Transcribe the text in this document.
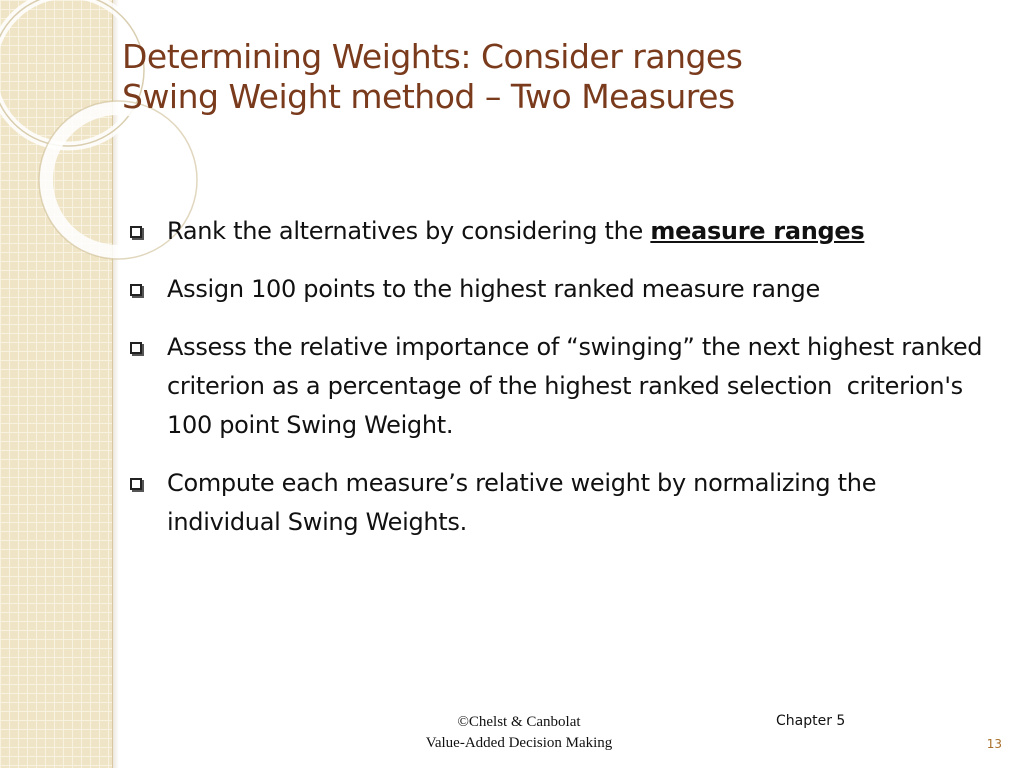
Determining Weights: Consider ranges
Swing Weight method – Two Measures
Rank the alternatives by considering the measure ranges
Assign 100 points to the highest ranked measure range
Assess the relative importance of “swinging” the next highest ranked criterion as a percentage of the highest ranked selection  criterion's 100 point Swing Weight.
Compute each measure’s relative weight by normalizing the individual Swing Weights.
©Chelst & Canbolat
Value-Added Decision Making
Chapter 5
13
